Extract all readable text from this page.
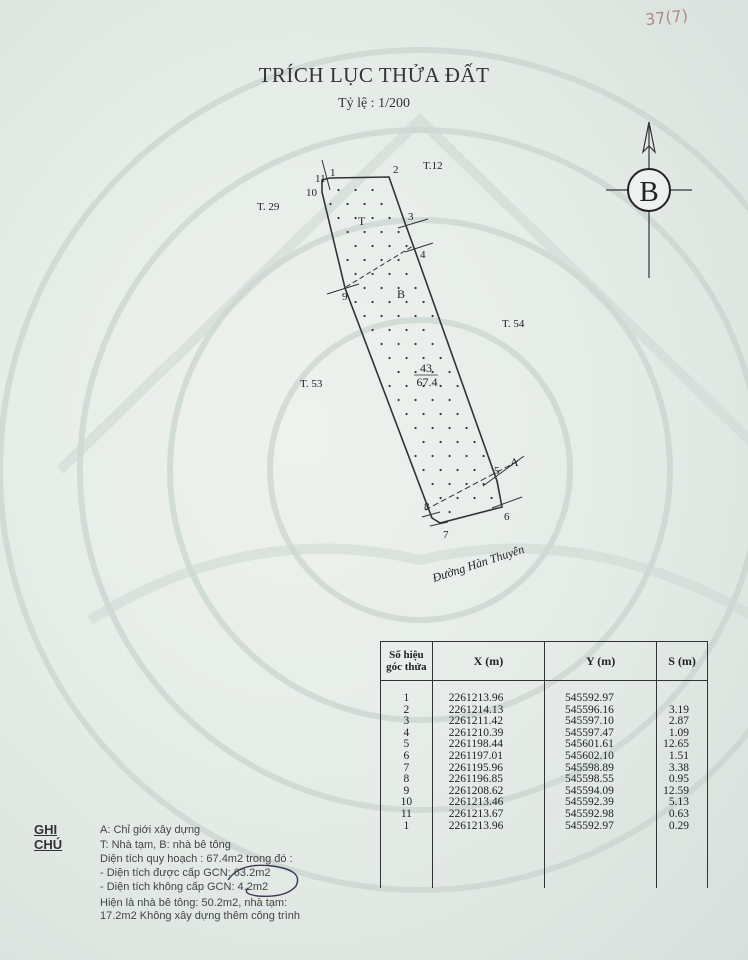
37(7)
TRÍCH LỤC THỬA ĐẤT
Tỷ lệ : 1/200
B
11 1
10
2
3
4
9
5
A
6
8
7
T
B
43
67.4
T.12
T. 29
T. 54
T. 53
Đường Hàn Thuyên
Số hiệu góc thửa	X (m)	Y (m)	S (m)

1	2261213.96	545592.97	
2	2261214.13	545596.16	3.19
3	2261211.42	545597.10	2.87
4	2261210.39	545597.47	1.09
5	2261198.44	545601.61	12.65
6	2261197.01	545602.10	1.51
7	2261195.96	545598.89	3.38
8	2261196.85	545598.55	0.95
9	2261208.62	545594.09	12.59
10	2261213.46	545592.39	5.13
11	2261213.67	545592.98	0.63
1	2261213.96	545592.97	0.29

GHI CHÚ
A: Chỉ giới xây dựng
T: Nhà tạm, B: nhà bê tông
Diện tích quy hoạch : 67.4m2 trong đó :
- Diện tích được cấp GCN: 63.2m2
- Diện tích không cấp GCN: 4.2m2
Hiện là nhà bê tông: 50.2m2, nhà tạm:
17.2m2 Không xây dựng thêm công trình
